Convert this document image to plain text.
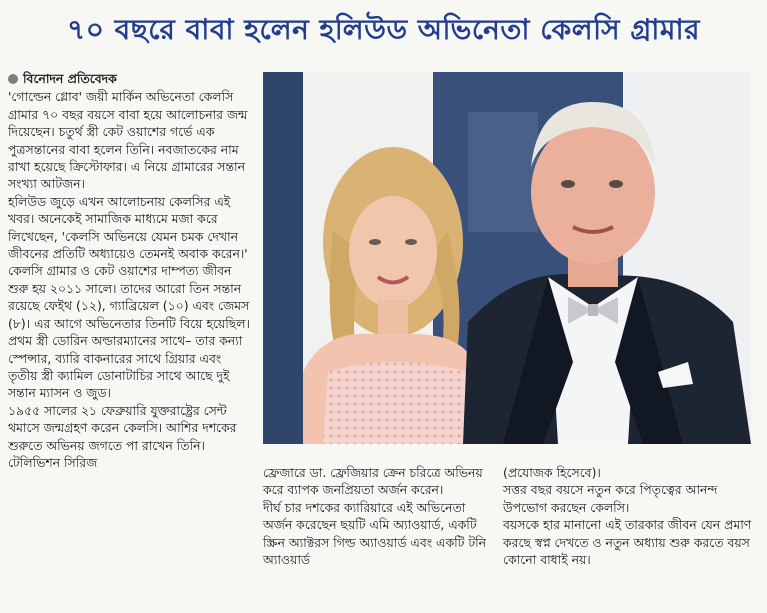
৭০ বছরে বাবা হলেন হলিউড অভিনেতা কেলসি গ্রামার
বিনোদন প্রতিবেদক

'গোল্ডেন গ্লোব' জয়ী মার্কিন অভিনেতা কেলসি গ্রামার ৭০ বছর বয়সে বাবা হয়ে আলোচনার জন্ম দিয়েছেন। চতুর্থ স্ত্রী কেট ওয়াশের গর্ভে এক পুত্রসন্তানের বাবা হলেন তিনি। নবজাতকের নাম রাখা হয়েছে ক্রিস্টোফার। এ নিয়ে গ্রামারের সন্তান সংখ্যা আটজন।

হলিউড জুড়ে এখন আলোচনায় কেলসির এই খবর। অনেকেই সামাজিক মাধ্যমে মজা করে লিখেছেন, 'কেলসি অভিনয়ে যেমন চমক দেখান জীবনের প্রতিটি অধ্যায়েও তেমনই অবাক করেন।'

কেলসি গ্রামার ও কেট ওয়াশের দাম্পত্য জীবন শুরু হয় ২০১১ সালে। তাদের আরো তিন সন্তান রয়েছে ফেইথ (১২), গ্যাব্রিয়েল (১০) এবং জেমস (৮)। এর আগে অভিনেতার তিনটি বিয়ে হয়েছিল। প্রথম স্ত্রী ডোরিন অল্ডারম্যানের সাথে– তার কন্যা স্পেন্সার, ব্যারি বাকনারের সাথে গ্রিয়ার এবং তৃতীয় স্ত্রী ক্যামিল ডোনাটাচির সাথে আছে দুই সন্তান ম্যাসন ও জুড।

১৯৫৫ সালের ২১ ফেব্রুয়ারি যুক্তরাষ্ট্রের সেন্ট থমাসে জন্মগ্রহণ করেন কেলসি। আশির দশকের শুরুতে অভিনয় জগতে পা রাখেন তিনি। টেলিভিশন সিরিজ

ফ্রেজারে ডা. ফ্রেজিয়ার ক্রেন চরিত্রে অভিনয় করে ব্যাপক জনপ্রিয়তা অর্জন করেন।

দীর্ঘ চার দশকের ক্যারিয়ারে এই অভিনেতা অর্জন করেছেন ছয়টি এমি অ্যাওয়ার্ড, একটি স্ক্রিন অ্যাক্টরস গিল্ড অ্যাওয়ার্ড এবং একটি টনি অ্যাওয়ার্ড

(প্রযোজক হিসেবে)।

সত্তর বছর বয়সে নতুন করে পিতৃত্বের আনন্দ উপভোগ করছেন কেলসি।

বয়সকে হার মানানো এই তারকার জীবন যেন প্রমাণ করছে স্বপ্ন দেখতে ও নতুন অধ্যায় শুরু করতে বয়স কোনো বাধাই নয়।
